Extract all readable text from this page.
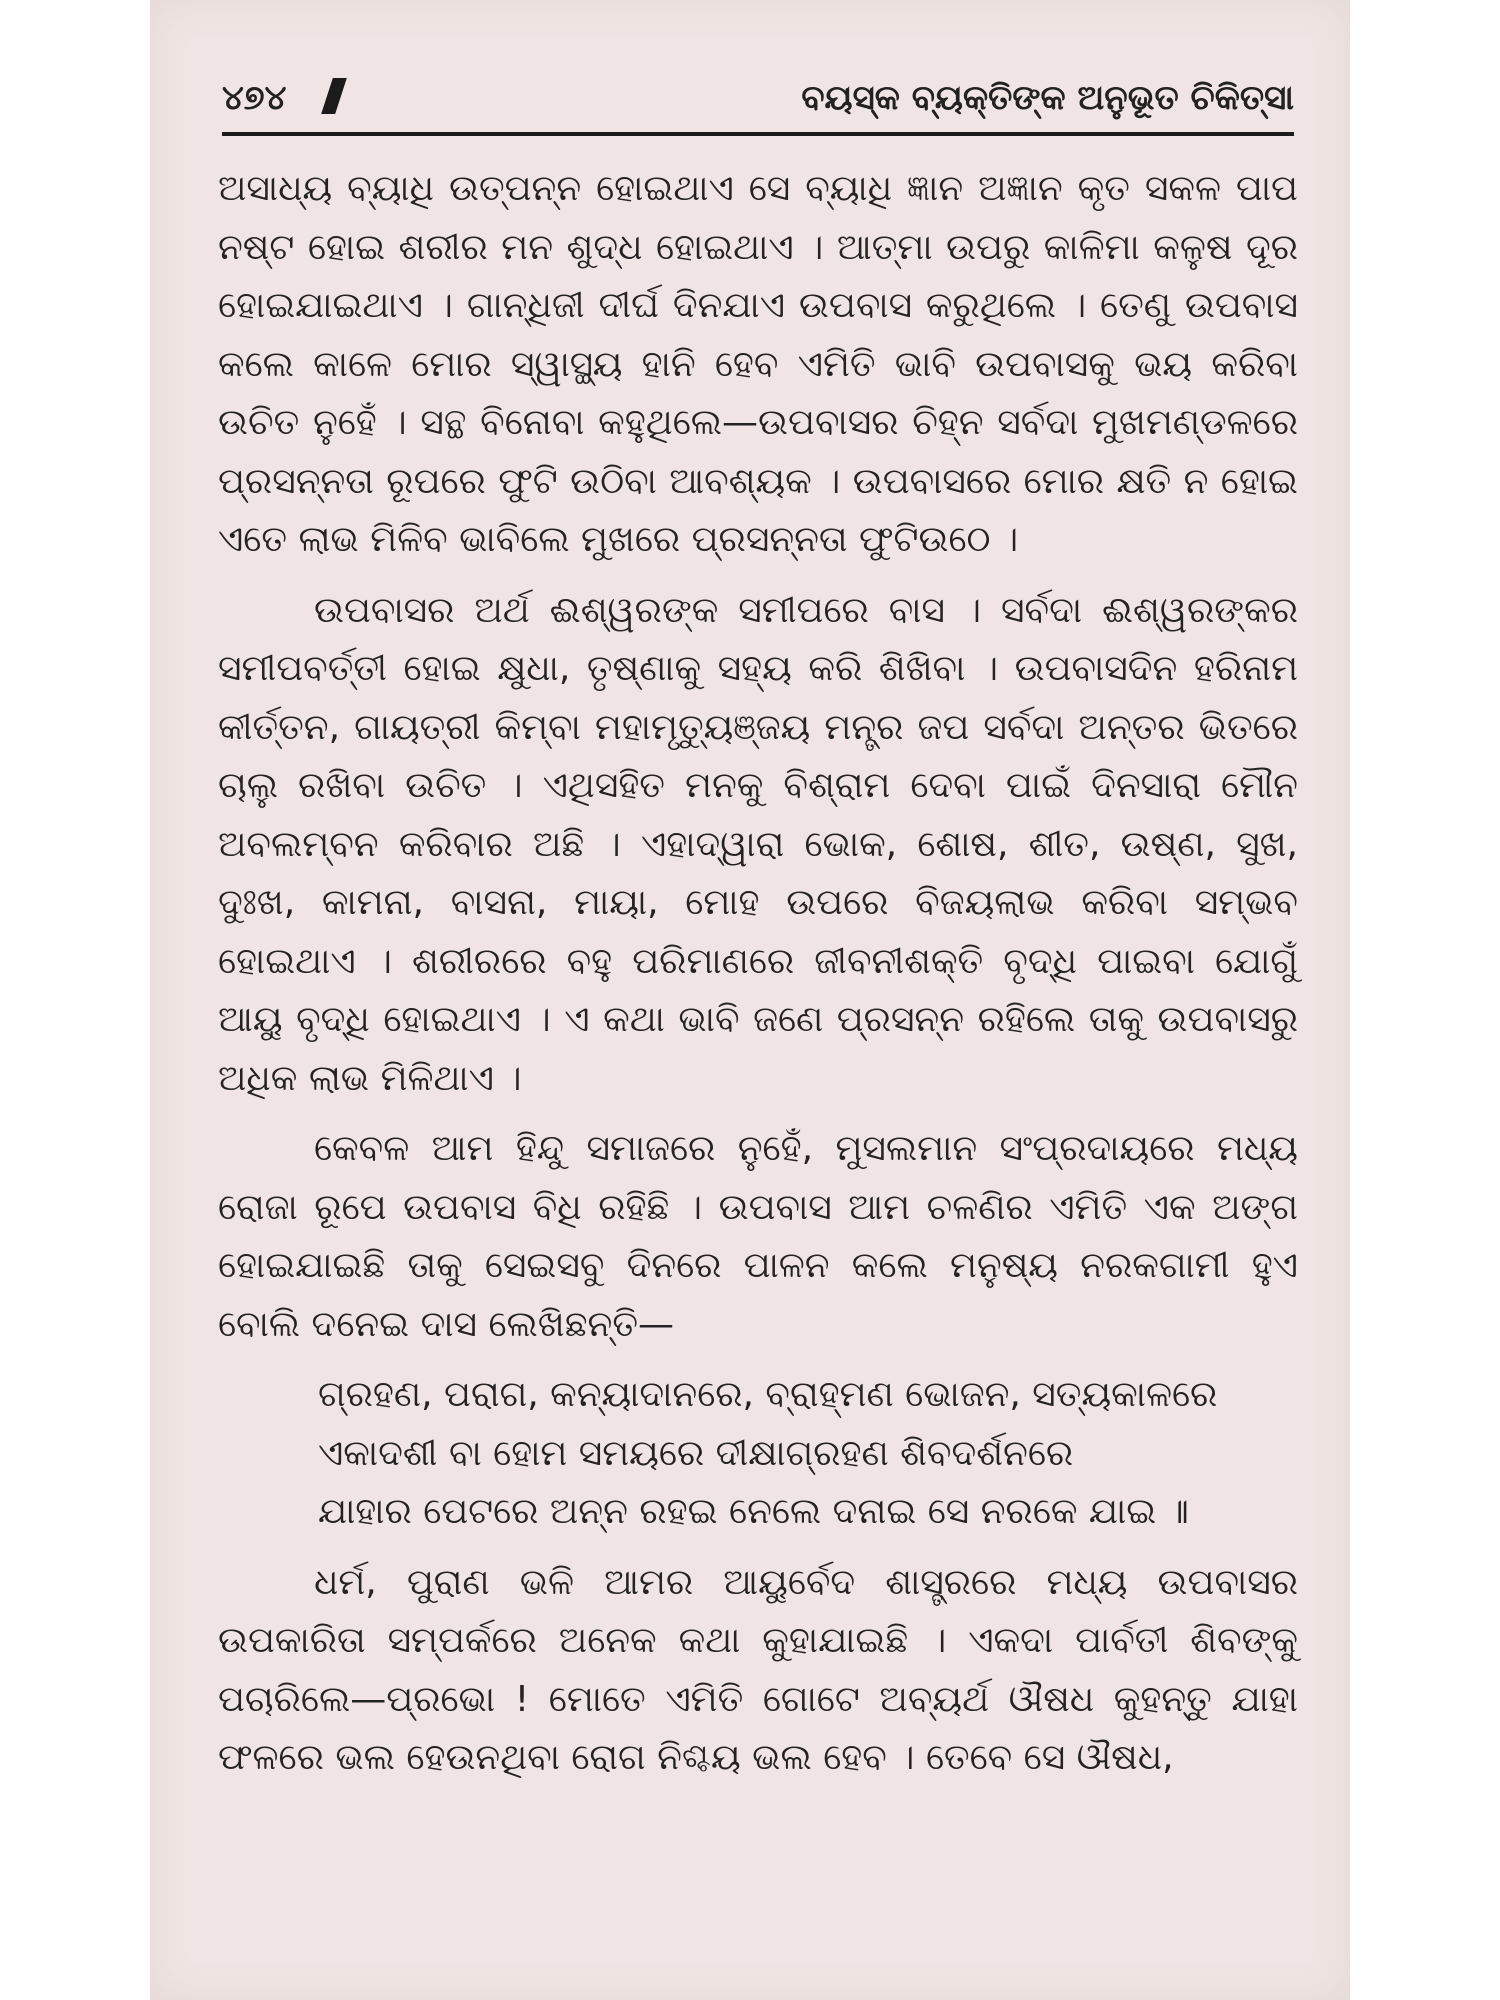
୪୭୪	ବୟସ୍କ ବ୍ୟକ୍ତିଙ୍କ ଅନୁଭୂତ ଚିକିତ୍ସା

ଅସାଧ୍ୟ ବ୍ୟାଧି ଉତ୍ପନ୍ନ ହୋଇଥାଏ ସେ ବ୍ୟାଧି ଜ୍ଞାନ ଅଜ୍ଞାନ କୃତ ସକଳ ପାପ ନଷ୍ଟ ହୋଇ ଶରୀର ମନ ଶୁଦ୍ଧ ହୋଇଥାଏ । ଆତ୍ମା ଉପରୁ କାଳିମା କଳୁଷ ଦୂର ହୋଇଯାଇଥାଏ । ଗାନ୍ଧିଜୀ ଦୀର୍ଘ ଦିନଯାଏ ଉପବାସ କରୁଥିଲେ । ତେଣୁ ଉପବାସ କଲେ କାଳେ ମୋର ସ୍ୱାସ୍ଥ୍ୟ ହାନି ହେବ ଏମିତି ଭାବି ଉପବାସକୁ ଭୟ କରିବା ଉଚିତ ନୁହେଁ । ସନ୍ଥ ବିନୋବା କହୁଥିଲେ—ଉପବାସର ଚିହ୍ନ ସର୍ବଦା ମୁଖମଣ୍ଡଳରେ ପ୍ରସନ୍ନତା ରୂପରେ ଫୁଟି ଉଠିବା ଆବଶ୍ୟକ । ଉପବାସରେ ମୋର କ୍ଷତି ନ ହୋଇ ଏତେ ଲାଭ ମିଳିବ ଭାବିଲେ ମୁଖରେ ପ୍ରସନ୍ନତା ଫୁଟିଉଠେ ।

ଉପବାସର ଅର୍ଥ ଈଶ୍ୱରଙ୍କ ସମୀପରେ ବାସ । ସର୍ବଦା ଈଶ୍ୱରଙ୍କର ସମୀପବର୍ତ୍ତୀ ହୋଇ କ୍ଷୁଧା, ତୃଷ୍ଣାକୁ ସହ୍ୟ କରି ଶିଖିବା । ଉପବାସଦିନ ହରିନାମ କୀର୍ତ୍ତନ, ଗାୟତ୍ରୀ କିମ୍ବା ମହାମୃତ୍ୟୁଞ୍ଜୟ ମନ୍ତ୍ର ଜପ ସର୍ବଦା ଅନ୍ତର ଭିତରେ ଚାଲୁ ରଖିବା ଉଚିତ । ଏଥିସହିତ ମନକୁ ବିଶ୍ରାମ ଦେବା ପାଇଁ ଦିନସାରା ମୌନ ଅବଲମ୍ବନ କରିବାର ଅଛି । ଏହାଦ୍ୱାରା ଭୋକ, ଶୋଷ, ଶୀତ, ଉଷ୍ଣ, ସୁଖ, ଦୁଃଖ, କାମନା, ବାସନା, ମାୟା, ମୋହ ଉପରେ ବିଜୟଲାଭ କରିବା ସମ୍ଭବ ହୋଇଥାଏ । ଶରୀରରେ ବହୁ ପରିମାଣରେ ଜୀବନୀଶକ୍ତି ବୃଦ୍ଧି ପାଇବା ଯୋଗୁଁ ଆୟୁ ବୃଦ୍ଧି ହୋଇଥାଏ । ଏ କଥା ଭାବି ଜଣେ ପ୍ରସନ୍ନ ରହିଲେ ତାକୁ ଉପବାସରୁ ଅଧିକ ଲାଭ ମିଳିଥାଏ ।

କେବଳ ଆମ ହିନ୍ଦୁ ସମାଜରେ ନୁହେଁ, ମୁସଲମାନ ସଂପ୍ରଦାୟରେ ମଧ୍ୟ ରୋଜା ରୂପେ ଉପବାସ ବିଧି ରହିଛି । ଉପବାସ ଆମ ଚଳଣିର ଏମିତି ଏକ ଅଙ୍ଗ ହୋଇଯାଇଛି ତାକୁ ସେଇସବୁ ଦିନରେ ପାଳନ କଲେ ମନୁଷ୍ୟ ନରକଗାମୀ ହୁଏ ବୋଲି ଦନେଇ ଦାସ ଲେଖିଛନ୍ତି—

ଗ୍ରହଣ, ପରାଗ, କନ୍ୟାଦାନରେ, ବ୍ରାହ୍ମଣ ଭୋଜନ, ସତ୍ୟକାଳରେ
ଏକାଦଶୀ ବା ହୋମ ସମୟରେ ଦୀକ୍ଷାଗ୍ରହଣ ଶିବଦର୍ଶନରେ
ଯାହାର ପେଟରେ ଅନ୍ନ ରହଇ ନେଲେ ଦନାଇ ସେ ନରକେ ଯାଇ ॥

ଧର୍ମ, ପୁରାଣ ଭଳି ଆମର ଆୟୁର୍ବେଦ ଶାସ୍ତ୍ରରେ ମଧ୍ୟ ଉପବାସର ଉପକାରିତା ସମ୍ପର୍କରେ ଅନେକ କଥା କୁହାଯାଇଛି । ଏକଦା ପାର୍ବତୀ ଶିବଙ୍କୁ ପଚାରିଲେ—ପ୍ରଭୋ ! ମୋତେ ଏମିତି ଗୋଟେ ଅବ୍ୟର୍ଥ ଔଷଧ କୁହନ୍ତୁ ଯାହା ଫଳରେ ଭଲ ହେଉନଥିବା ରୋଗ ନିଶ୍ଚୟ ଭଲ ହେବ । ତେବେ ସେ ଔଷଧ,
